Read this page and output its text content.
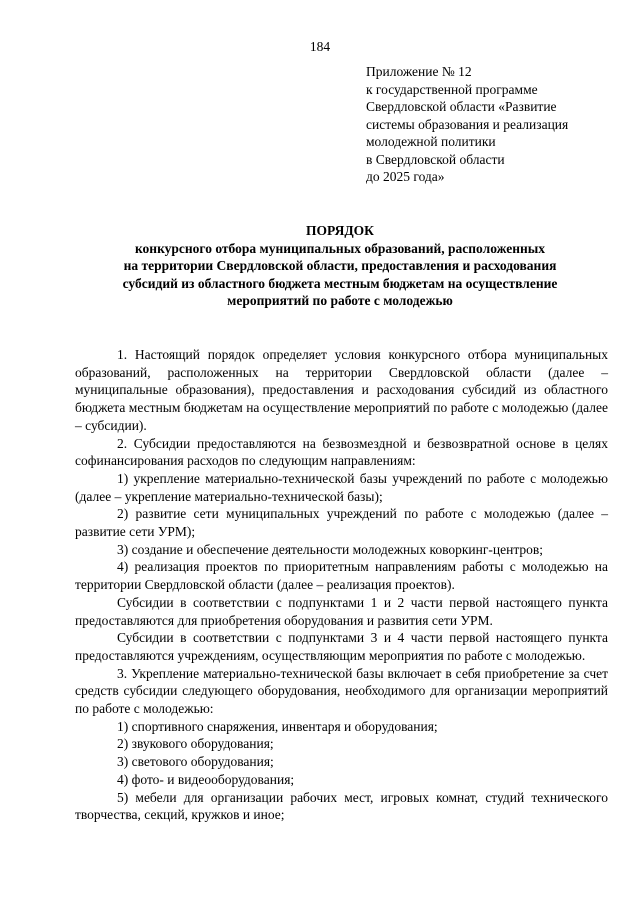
184
Приложение № 12
к государственной программе
Свердловской области «Развитие
системы образования и реализация
молодежной политики
в Свердловской области
до 2025 года»
ПОРЯДОК
конкурсного отбора муниципальных образований, расположенных
на территории Свердловской области, предоставления и расходования
субсидий из областного бюджета местным бюджетам на осуществление
мероприятий по работе с молодежью

1. Настоящий порядок определяет условия конкурсного отбора муниципальных образований, расположенных на территории Свердловской области (далее – муниципальные образования), предоставления и расходования субсидий из областного бюджета местным бюджетам на осуществление мероприятий по работе с молодежью (далее – субсидии).

2. Субсидии предоставляются на безвозмездной и безвозвратной основе в целях софинансирования расходов по следующим направлениям:

1) укрепление материально-технической базы учреждений по работе с молодежью (далее – укрепление материально-технической базы);

2) развитие сети муниципальных учреждений по работе с молодежью (далее – развитие сети УРМ);

3) создание и обеспечение деятельности молодежных коворкинг-центров;

4) реализация проектов по приоритетным направлениям работы с молодежью на территории Свердловской области (далее – реализация проектов).

Субсидии в соответствии с подпунктами 1 и 2 части первой настоящего пункта предоставляются для приобретения оборудования и развития сети УРМ.

Субсидии в соответствии с подпунктами 3 и 4 части первой настоящего пункта предоставляются учреждениям, осуществляющим мероприятия по работе с молодежью.

3. Укрепление материально-технической базы включает в себя приобретение за счет средств субсидии следующего оборудования, необходимого для организации мероприятий по работе с молодежью:

1) спортивного снаряжения, инвентаря и оборудования;

2) звукового оборудования;

3) светового оборудования;

4) фото- и видеооборудования;

5) мебели для организации рабочих мест, игровых комнат, студий технического творчества, секций, кружков и иное;
